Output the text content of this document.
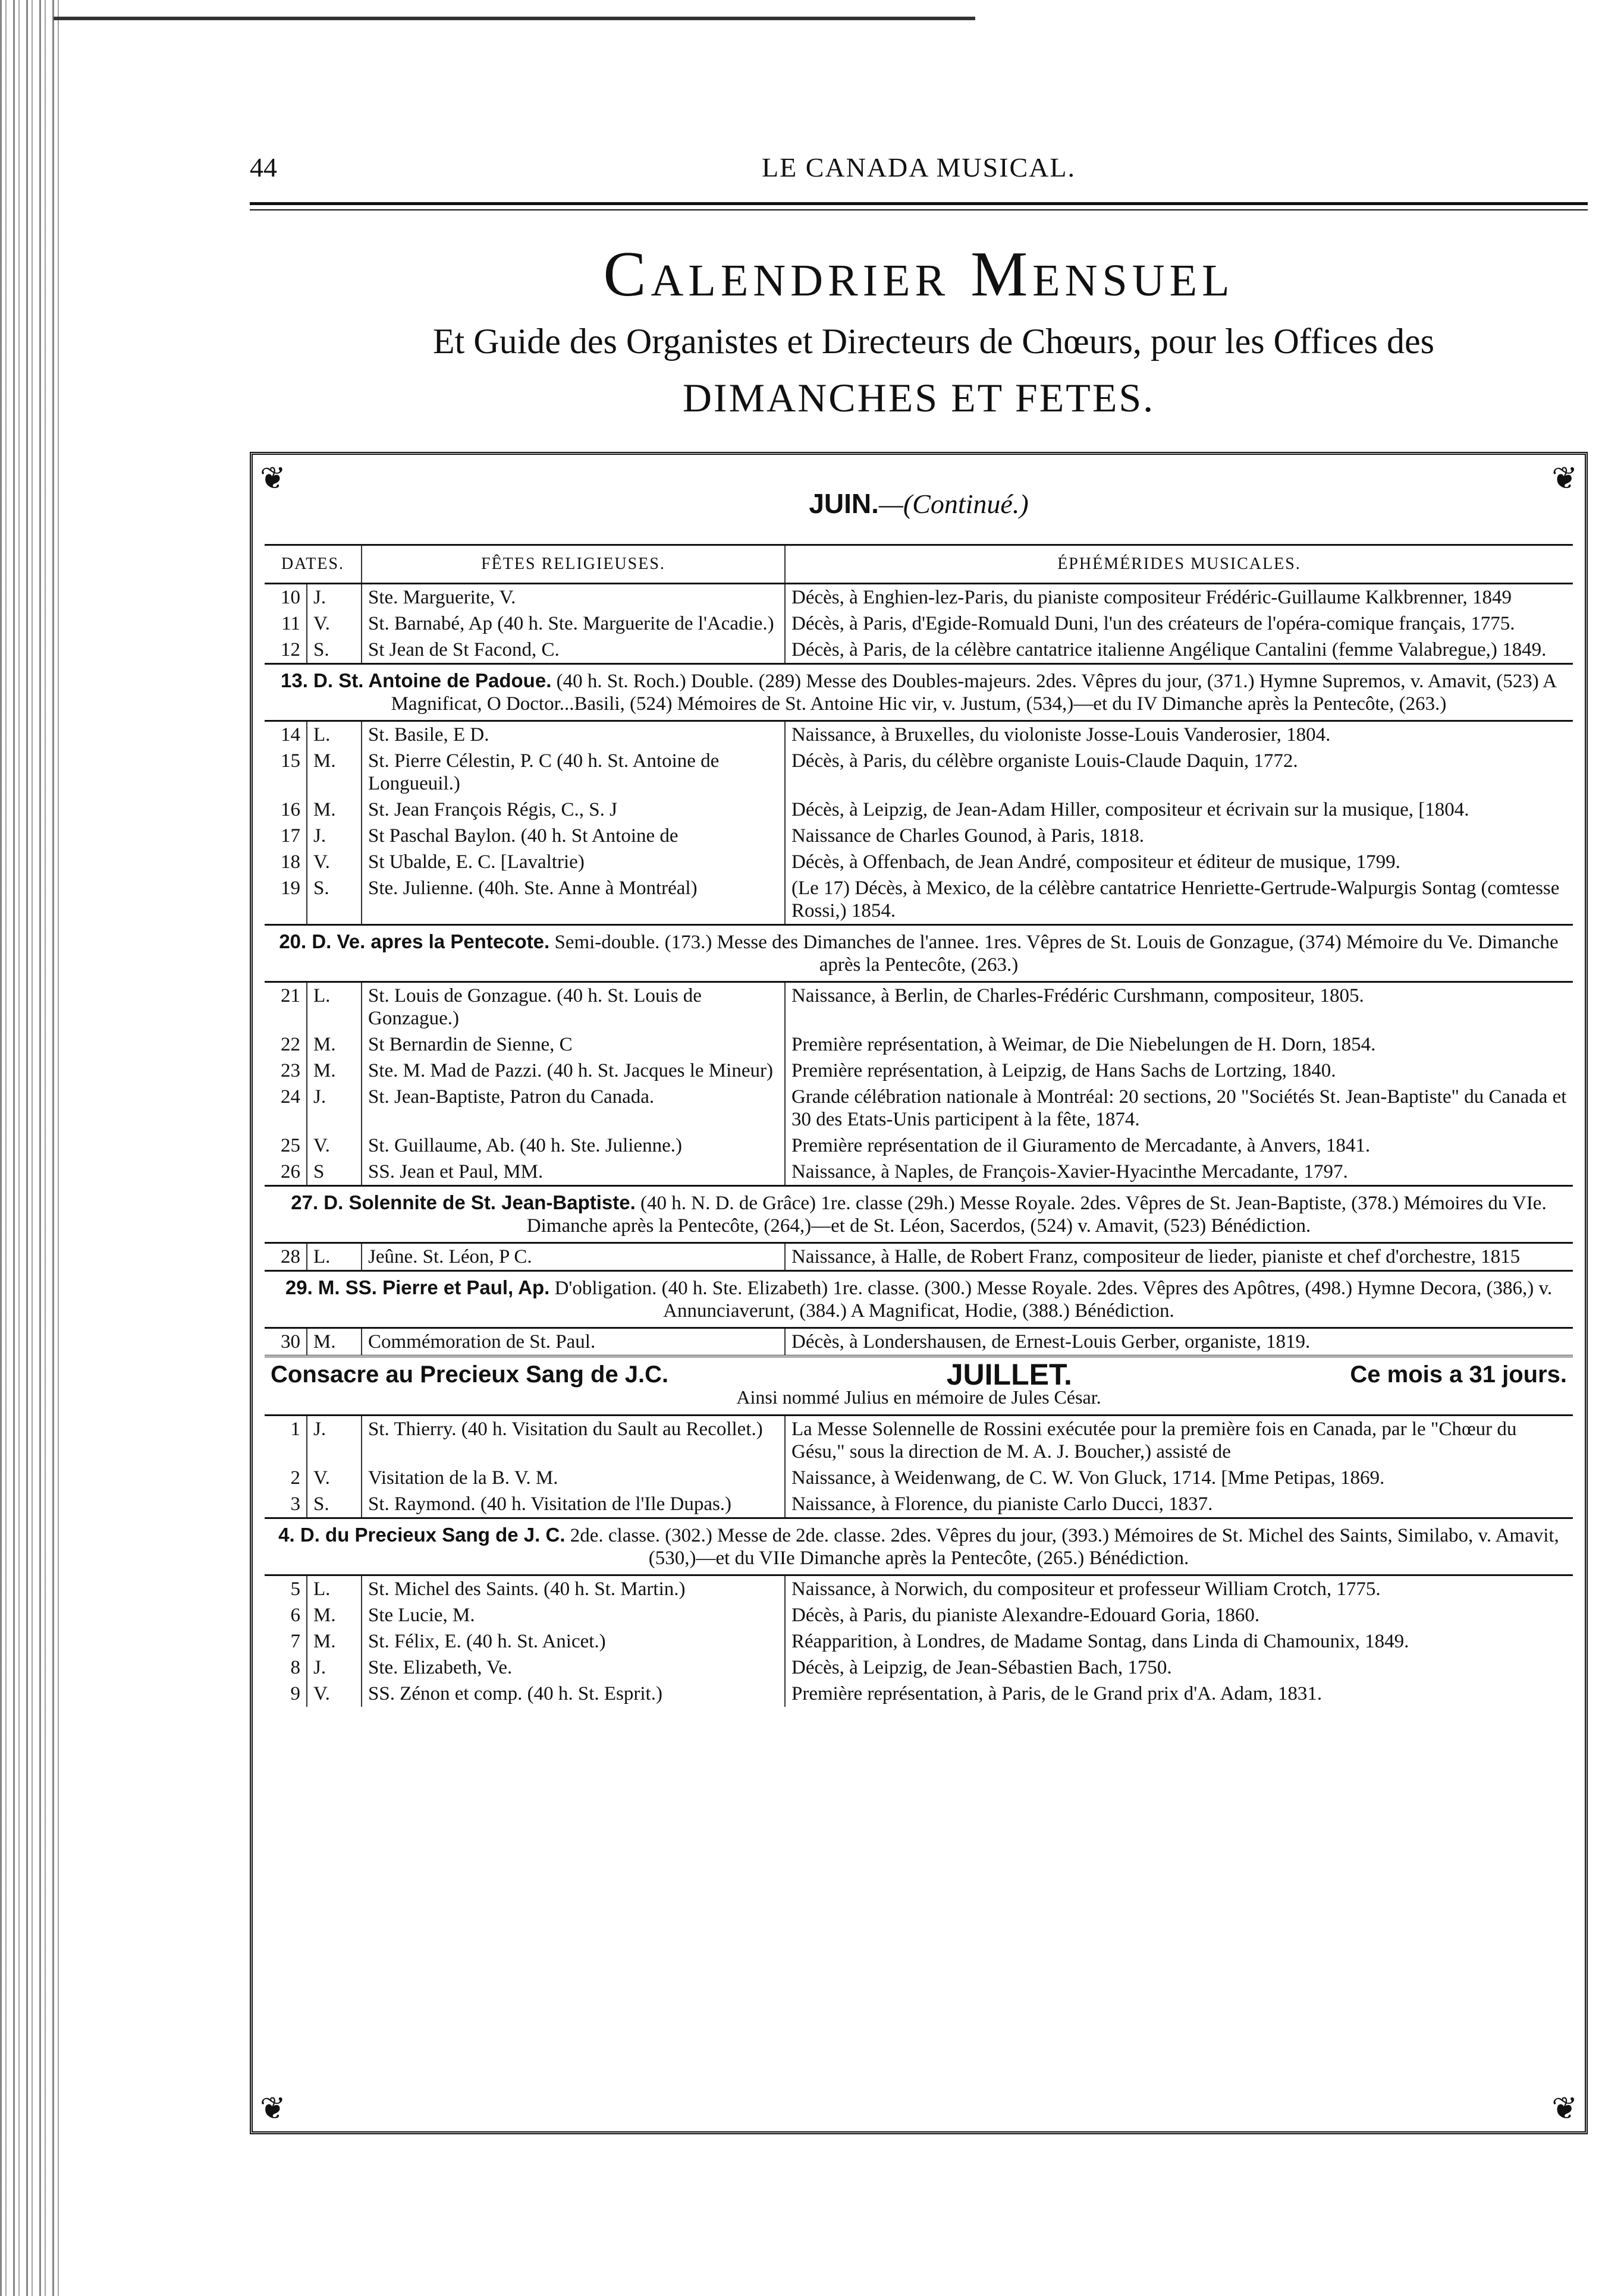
44	LE CANADA MUSICAL.
Calendrier Mensuel
Et Guide des Organistes et Directeurs de Chœurs, pour les Offices des
DIMANCHES ET FETES.
❦	❦
❦	❦
JUIN.—(Continué.)
DATES.		FÊTES RELIGIEUSES.	ÉPHÉMÉRIDES MUSICALES.
10	J.	Ste. Marguerite, V.	Décès, à Enghien-lez-Paris, du pianiste compositeur Frédéric-Guillaume Kalkbrenner, 1849
11	V.	St. Barnabé, Ap (40 h. Ste. Marguerite de l'Acadie.)	Décès, à Paris, d'Egide-Romuald Duni, l'un des créateurs de l'opéra-comique français, 1775.
12	S.	St Jean de St Facond, C.	Décès, à Paris, de la célèbre cantatrice italienne Angélique Cantalini (femme Valabregue,) 1849.
13. D. St. Antoine de Padoue. (40 h. St. Roch.) Double. (289) Messe des Doubles-majeurs. 2des. Vêpres du jour, (371.) Hymne Supremos, v. Amavit, (523) A Magnificat, O Doctor...Basili, (524) Mémoires de St. Antoine Hic vir, v. Justum, (534,)—et du IV Dimanche après la Pentecôte, (263.)			
14	L.	St. Basile, E D.	Naissance, à Bruxelles, du violoniste Josse-Louis Vanderosier, 1804.
15	M.	St. Pierre Célestin, P. C (40 h. St. Antoine de Longueuil.)	Décès, à Paris, du célèbre organiste Louis-Claude Daquin, 1772.
16	M.	St. Jean François Régis, C., S. J	Décès, à Leipzig, de Jean-Adam Hiller, compositeur et écrivain sur la musique, [1804.
17	J.	St Paschal Baylon. (40 h. St Antoine de	Naissance de Charles Gounod, à Paris, 1818.
18	V.	St Ubalde, E. C. [Lavaltrie)	Décès, à Offenbach, de Jean André, compositeur et éditeur de musique, 1799.
19	S.	Ste. Julienne. (40h. Ste. Anne à Montréal)	(Le 17) Décès, à Mexico, de la célèbre cantatrice Henriette-Gertrude-Walpurgis Sontag (comtesse Rossi,) 1854.
20. D. Ve. apres la Pentecote. Semi-double. (173.) Messe des Dimanches de l'annee. 1res. Vêpres de St. Louis de Gonzague, (374) Mémoire du Ve. Dimanche après la Pentecôte, (263.)			
21	L.	St. Louis de Gonzague. (40 h. St. Louis de Gonzague.)	Naissance, à Berlin, de Charles-Frédéric Curshmann, compositeur, 1805.
22	M.	St Bernardin de Sienne, C	Première représentation, à Weimar, de Die Niebelungen de H. Dorn, 1854.
23	M.	Ste. M. Mad de Pazzi. (40 h. St. Jacques le Mineur)	Première représentation, à Leipzig, de Hans Sachs de Lortzing, 1840.
24	J.	St. Jean-Baptiste, Patron du Canada.	Grande célébration nationale à Montréal: 20 sections, 20 "Sociétés St. Jean-Baptiste" du Canada et 30 des Etats-Unis participent à la fête, 1874.
25	V.	St. Guillaume, Ab. (40 h. Ste. Julienne.)	Première représentation de il Giuramento de Mercadante, à Anvers, 1841.
26	S	SS. Jean et Paul, MM.	Naissance, à Naples, de François-Xavier-Hyacinthe Mercadante, 1797.
27. D. Solennite de St. Jean-Baptiste. (40 h. N. D. de Grâce) 1re. classe (29h.) Messe Royale. 2des. Vêpres de St. Jean-Baptiste, (378.) Mémoires du VIe. Dimanche après la Pentecôte, (264,)—et de St. Léon, Sacerdos, (524) v. Amavit, (523) Bénédiction.			
28	L.	Jeûne. St. Léon, P C.	Naissance, à Halle, de Robert Franz, compositeur de lieder, pianiste et chef d'orchestre, 1815
29. M. SS. Pierre et Paul, Ap. D'obligation. (40 h. Ste. Elizabeth) 1re. classe. (300.) Messe Royale. 2des. Vêpres des Apôtres, (498.) Hymne Decora, (386,) v. Annunciaverunt, (384.) A Magnificat, Hodie, (388.) Bénédiction.			
30	M.	Commémoration de St. Paul.	Décès, à Londershausen, de Ernest-Louis Gerber, organiste, 1819.

Consacre au Precieux Sang de J.C. JUILLET. Ce mois a 31 jours.
Ainsi nommé Julius en mémoire de Jules César.			

1	J.	St. Thierry. (40 h. Visitation du Sault au Recollet.)	La Messe Solennelle de Rossini exécutée pour la première fois en Canada, par le "Chœur du Gésu," sous la direction de M. A. J. Boucher,) assisté de
2	V.	Visitation de la B. V. M.	Naissance, à Weidenwang, de C. W. Von Gluck, 1714. [Mme Petipas, 1869.
3	S.	St. Raymond. (40 h. Visitation de l'Ile Dupas.)	Naissance, à Florence, du pianiste Carlo Ducci, 1837.
4. D. du Precieux Sang de J. C. 2de. classe. (302.) Messe de 2de. classe. 2des. Vêpres du jour, (393.) Mémoires de St. Michel des Saints, Similabo, v. Amavit, (530,)—et du VIIe Dimanche après la Pentecôte, (265.) Bénédiction.			
5	L.	St. Michel des Saints. (40 h. St. Martin.)	Naissance, à Norwich, du compositeur et professeur William Crotch, 1775.
6	M.	Ste Lucie, M.	Décès, à Paris, du pianiste Alexandre-Edouard Goria, 1860.
7	M.	St. Félix, E. (40 h. St. Anicet.)	Réapparition, à Londres, de Madame Sontag, dans Linda di Chamounix, 1849.
8	J.	Ste. Elizabeth, Ve.	Décès, à Leipzig, de Jean-Sébastien Bach, 1750.
9	V.	SS. Zénon et comp. (40 h. St. Esprit.)	Première représentation, à Paris, de le Grand prix d'A. Adam, 1831.
